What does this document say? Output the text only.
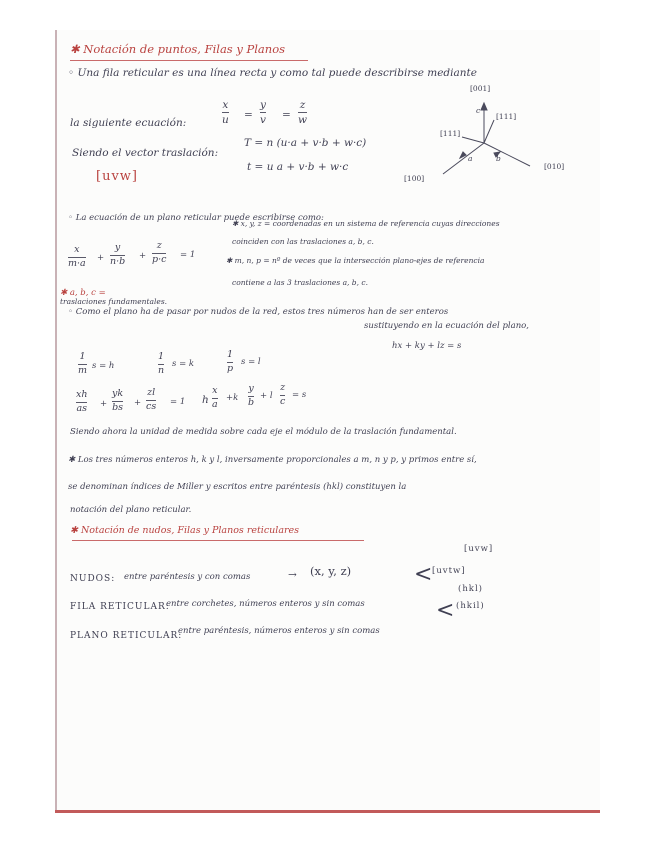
✱ Notación de puntos, Filas y Planos
◦ Una fila reticular es una línea recta y como tal puede describirse mediante
la siguiente ecuación:
x
u =
y
v =
z
w
Siendo el vector traslación:
T = n (u·a + v·b + w·c)
[uvw]
t = u a + v·b + w·c
[001]
c
[111]
[111]
a	b
[100]
[010]
◦ La ecuación de un plano reticular puede escribirse como:
x
m·a +
y
n·b +
z
p·c = 1
✱ x, y, z = coordenadas en un sistema de referencia cuyas direcciones
coinciden con las traslaciones a, b, c.
✱ m, n, p = nº de veces que la intersección plano-ejes de referencia
contiene a las 3 traslaciones a, b, c.
✱ a, b, c =
traslaciones fundamentales.
◦ Como el plano ha de pasar por nudos de la red, estos tres números han de ser enteros
sustituyendo en la ecuación del plano,
hx + ky + lz = s
1
m s = h
1
n
s = k
1
p
s = l
xh
as +
yk
bs +
zl
cs = 1 h
x
a
+k
y
b
+ l
z
c
= s
Siendo ahora la unidad de medida sobre cada eje el módulo de la traslación fundamental.
✱ Los tres números enteros h, k y l, inversamente proporcionales a m, n y p, y primos entre sí,
se denominan índices de Miller y escritos entre paréntesis (hkl) constituyen la
notación del plano reticular.
✱ Notación de nudos, Filas y Planos reticulares
NUDOS: entre paréntesis y con comas	→ (x, y, z)
FILA RETICULAR:
entre corchetes, números enteros y sin comas
<
[uvw]
[uvtw]
PLANO RETICULAR:
entre paréntesis, números enteros y sin comas
<
(hkl)
(hkil)
